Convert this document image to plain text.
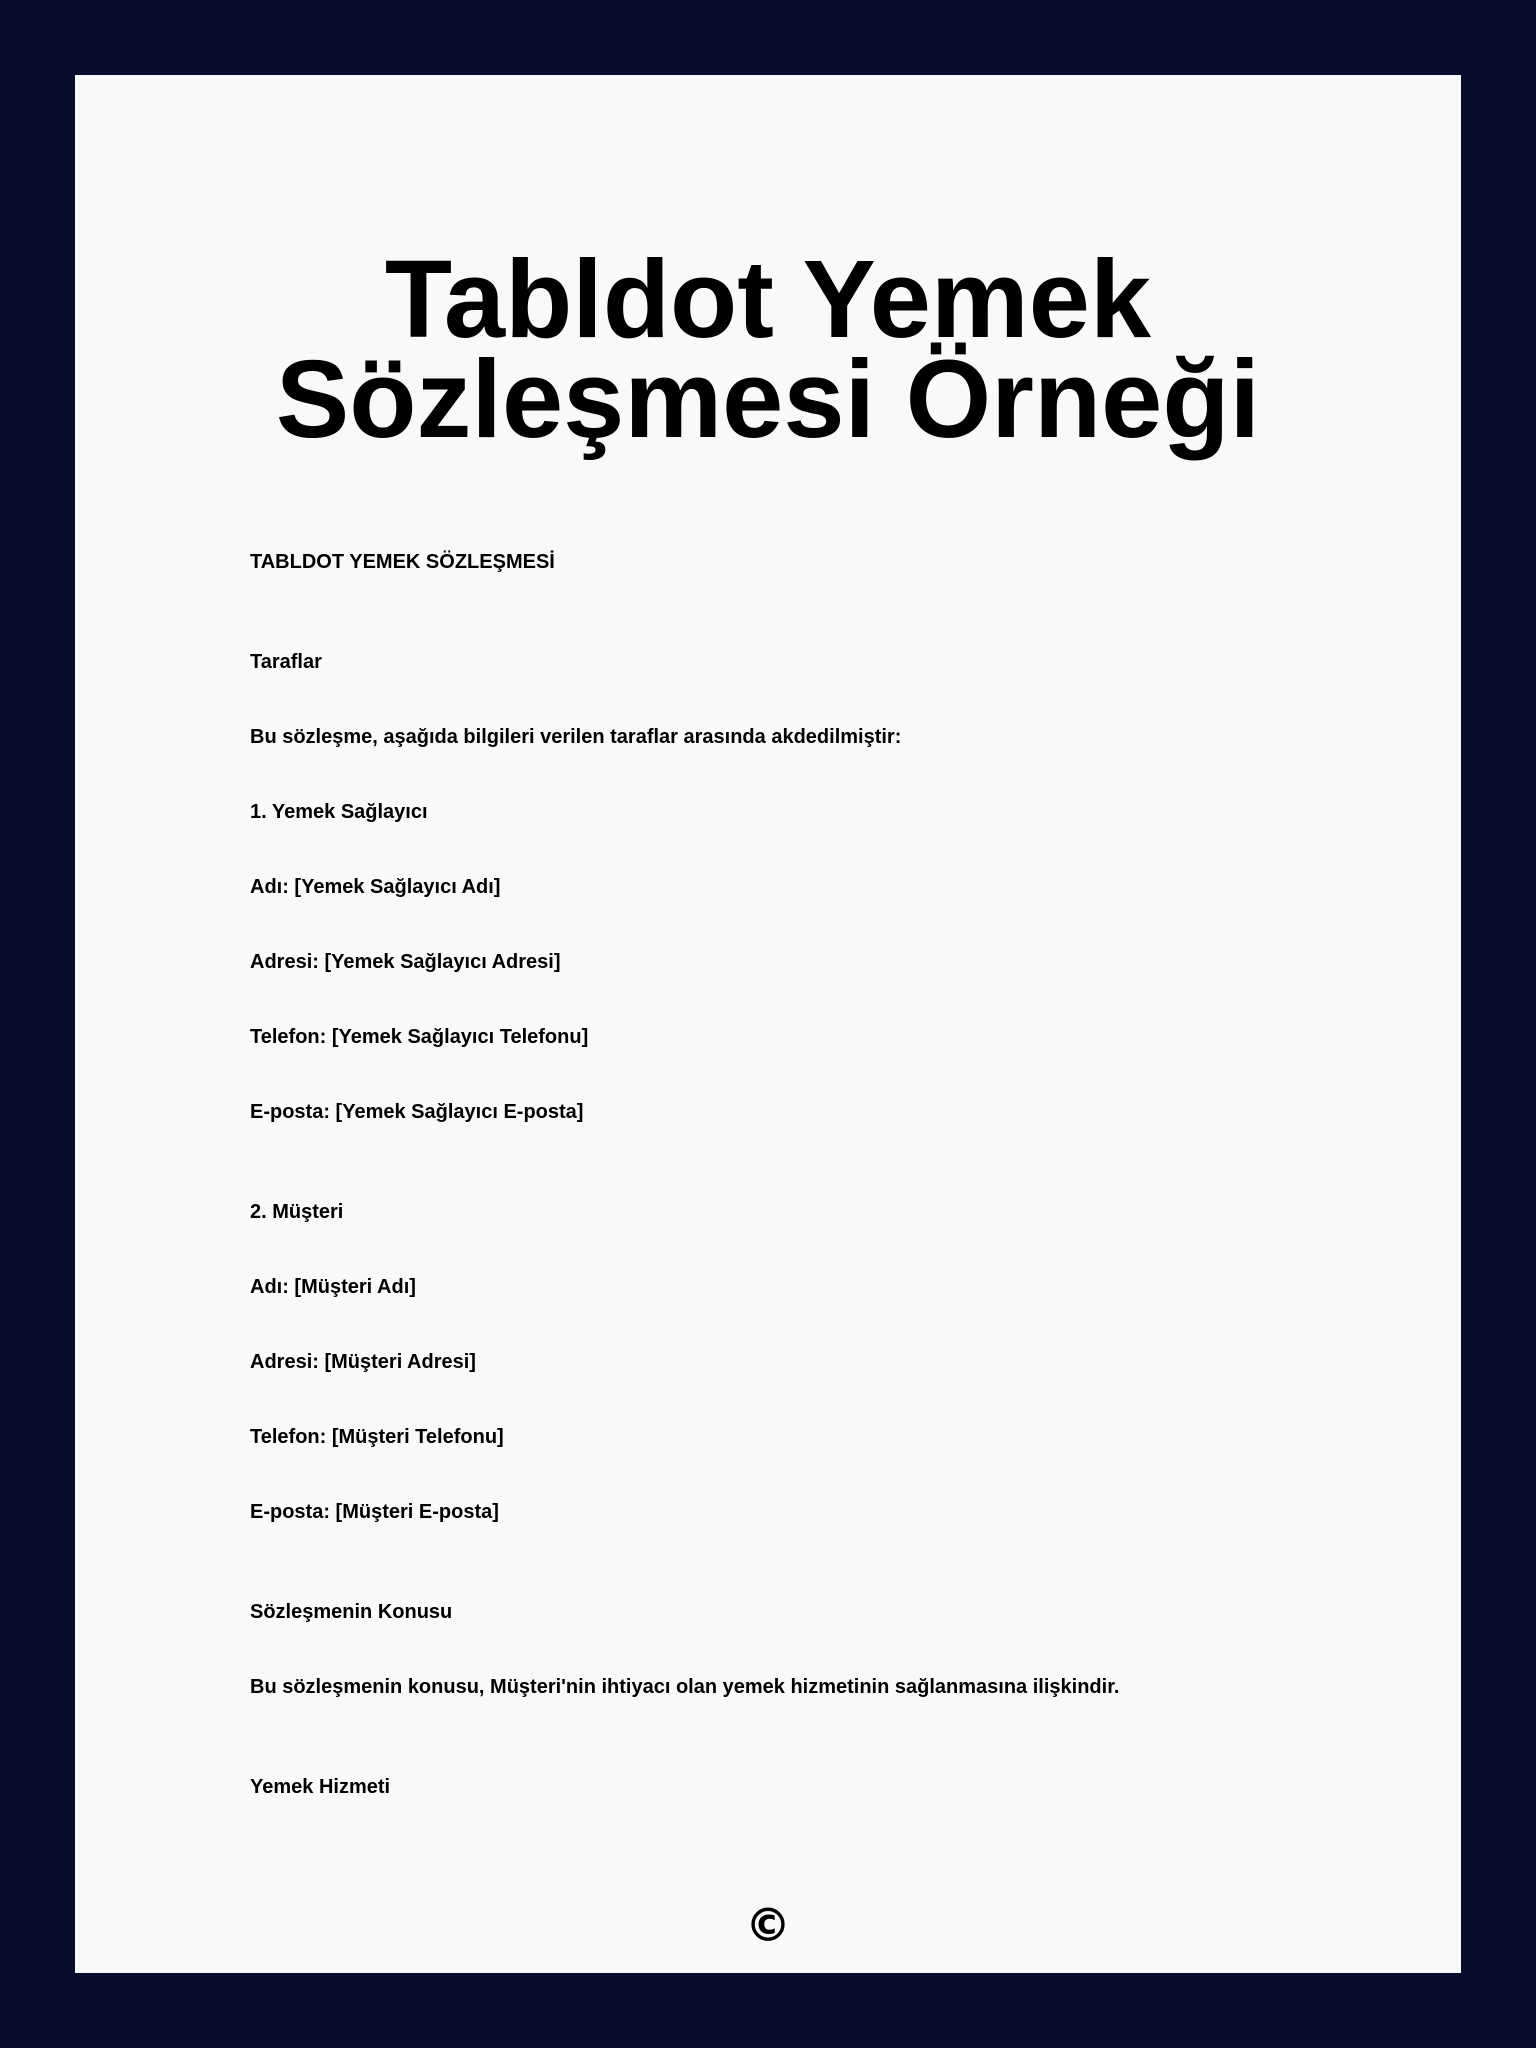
Tabldot Yemek Sözleşmesi Örneği

TABLDOT YEMEK SÖZLEŞMESİ

Taraflar

Bu sözleşme, aşağıda bilgileri verilen taraflar arasında akdedilmiştir:

1. Yemek Sağlayıcı

Adı: [Yemek Sağlayıcı Adı]

Adresi: [Yemek Sağlayıcı Adresi]

Telefon: [Yemek Sağlayıcı Telefonu]

E-posta: [Yemek Sağlayıcı E-posta]

2. Müşteri

Adı: [Müşteri Adı]

Adresi: [Müşteri Adresi]

Telefon: [Müşteri Telefonu]

E-posta: [Müşteri E-posta]

Sözleşmenin Konusu

Bu sözleşmenin konusu, Müşteri'nin ihtiyacı olan yemek hizmetinin sağlanmasına ilişkindir.

Yemek Hizmeti

©
